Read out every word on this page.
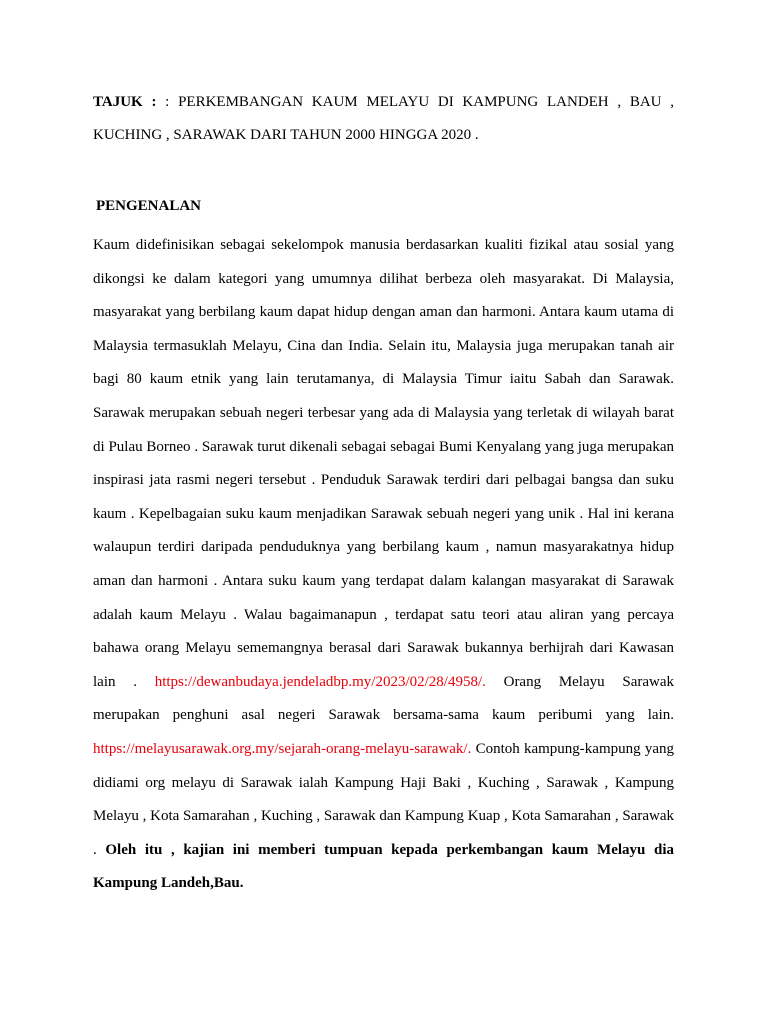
TAJUK : : PERKEMBANGAN KAUM MELAYU DI KAMPUNG LANDEH , BAU , KUCHING , SARAWAK DARI TAHUN 2000 HINGGA 2020 .
PENGENALAN

Kaum didefinisikan sebagai sekelompok manusia berdasarkan kualiti fizikal atau sosial yang dikongsi ke dalam kategori yang umumnya dilihat berbeza oleh masyarakat. Di Malaysia, masyarakat yang berbilang kaum dapat hidup dengan aman dan harmoni. Antara kaum utama di Malaysia termasuklah Melayu, Cina dan India. Selain itu, Malaysia juga merupakan tanah air bagi 80 kaum etnik yang lain terutamanya, di Malaysia Timur iaitu Sabah dan Sarawak. Sarawak merupakan sebuah negeri terbesar yang ada di Malaysia yang terletak di wilayah barat di Pulau Borneo . Sarawak turut dikenali sebagai sebagai Bumi Kenyalang yang juga merupakan inspirasi jata rasmi negeri tersebut . Penduduk Sarawak terdiri dari pelbagai bangsa dan suku kaum . Kepelbagaian suku kaum menjadikan Sarawak sebuah negeri yang unik . Hal ini kerana walaupun terdiri daripada penduduknya yang berbilang kaum , namun masyarakatnya hidup aman dan harmoni . Antara suku kaum yang terdapat dalam kalangan masyarakat di Sarawak adalah kaum Melayu . Walau bagaimanapun , terdapat satu teori atau aliran yang percaya bahawa orang Melayu sememangnya berasal dari Sarawak bukannya berhijrah dari Kawasan lain . https://dewanbudaya.jendeladbp.my/2023/02/28/4958/. Orang Melayu Sarawak merupakan penghuni asal negeri Sarawak bersama-sama kaum peribumi yang lain. https://melayusarawak.org.my/sejarah-orang-melayu-sarawak/. Contoh kampung-kampung yang didiami org melayu di Sarawak ialah Kampung Haji Baki , Kuching , Sarawak , Kampung Melayu , Kota Samarahan , Kuching , Sarawak dan Kampung Kuap , Kota Samarahan , Sarawak . Oleh itu , kajian ini memberi tumpuan kepada perkembangan kaum Melayu dia Kampung Landeh,Bau.
